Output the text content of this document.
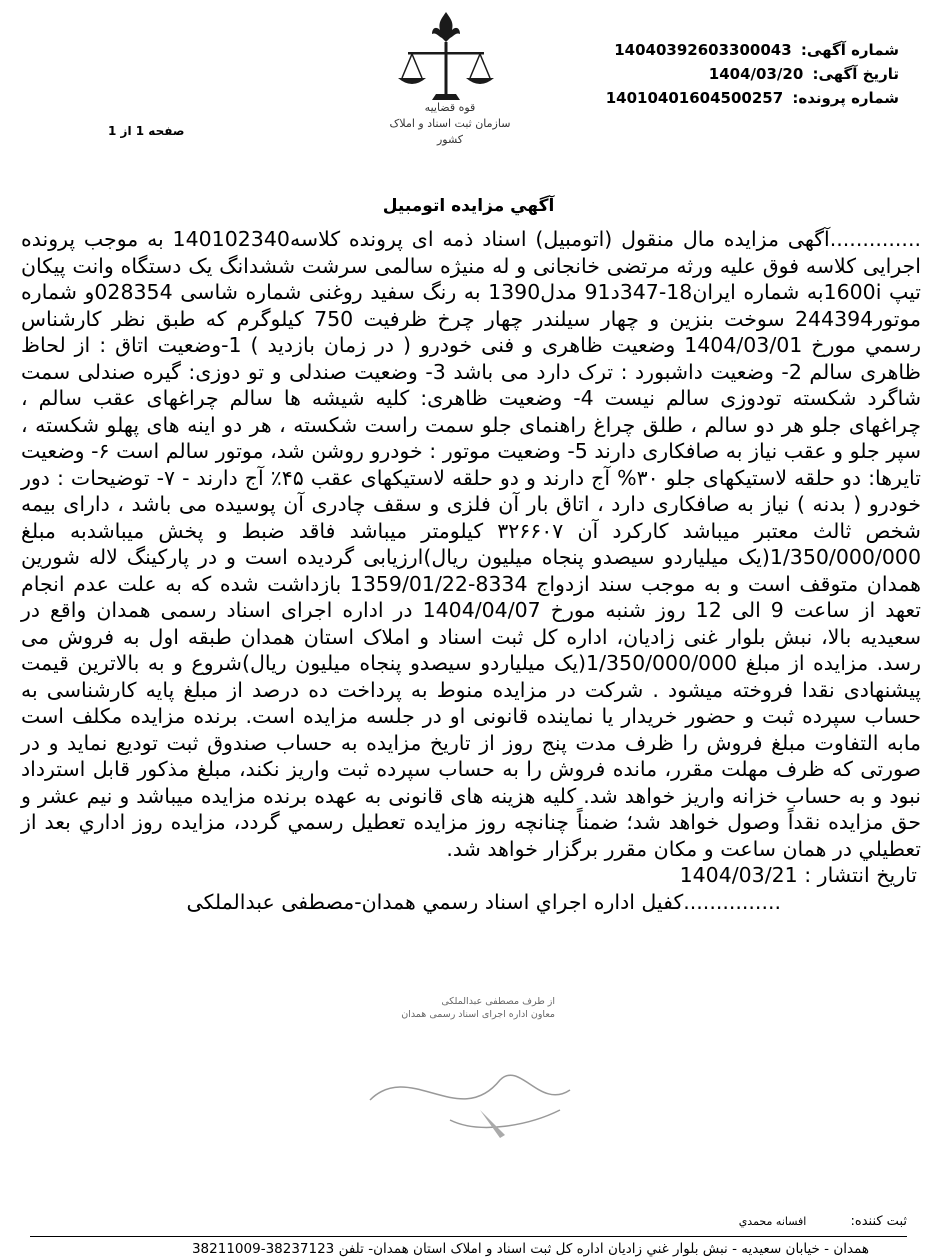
شماره آگهی: 14040392603300043
تاریخ آگهی: 1404/03/20
شماره پرونده: 14010401604500257
صفحه 1 از 1
قوه قضاییه
سازمان ثبت اسناد و املاک کشور
آگهي مزايده اتومبيل

..............آگهی مزایده مال منقول (اتومبیل) اسناد ذمه ای پرونده کلاسه140102340 به موجب پرونده اجرایی کلاسه فوق علیه ورثه مرتضی خانجانی و له منیژه سالمی سرشت ششدانگ یک دستگاه وانت پیکان تیپ 1600iبه شماره ایران18-347د91 مدل1390 به رنگ سفید روغنی شماره شاسی 028354و شماره موتور244394 سوخت بنزین و چهار سیلندر چهار چرخ ظرفیت 750 کیلوگرم که طبق نظر کارشناس رسمي مورخ 1404/03/01 وضعیت ظاهری و فنی خودرو ( در زمان بازدید ) 1-وضعیت اتاق : از لحاظ ظاهری سالم 2- وضعیت داشبورد : ترک دارد می باشد 3- وضعیت صندلی و تو دوزی: گیره صندلی سمت شاگرد شکسته تودوزی سالم نیست 4- وضعیت ظاهری: کلیه شیشه ها سالم چراغهای عقب سالم ، چراغهای جلو هر دو سالم ، طلق چراغ راهنمای جلو سمت راست شکسته ، هر دو اینه های پهلو شکسته ، سپر جلو و عقب نیاز به صافکاری دارند 5- وضعیت موتور : خودرو روشن شد، موتور سالم است ۶- وضعیت تایرها: دو حلقه لاستیکهای جلو ۳۰% آج دارند و دو حلقه لاستیکهای عقب ۴۵٪ آج دارند - ۷- توضیحات : دور خودرو ( بدنه ) نیاز به صافکاری دارد ، اتاق بار آن فلزی و سقف چادری آن پوسیده می باشد ، دارای بیمه شخص ثالث معتبر میباشد کارکرد آن ۳۲۶۶۰۷ کیلومتر میباشد فاقد ضبط و پخش میباشدبه مبلغ 1/350/000/000(یک میلیاردو سیصدو پنجاه میلیون ریال)ارزیابی گردیده است و در پارکینگ لاله شورین همدان متوقف است و به موجب سند ازدواج 8334-1359/01/22 بازداشت شده که به علت عدم انجام تعهد از ساعت 9 الی 12 روز شنبه مورخ 1404/04/07 در اداره اجرای اسناد رسمی همدان واقع در سعیدیه بالا، نبش بلوار غنی زادیان، اداره کل ثبت اسناد و املاک استان همدان طبقه اول به فروش می رسد. مزایده از مبلغ 1/350/000/000(یک میلیاردو سیصدو پنجاه میلیون ریال)شروع و به بالاترین قیمت پیشنهادی نقدا فروخته میشود . شرکت در مزایده منوط به پرداخت ده درصد از مبلغ پایه کارشناسی به حساب سپرده ثبت و حضور خریدار یا نماینده قانونی او در جلسه مزایده است. برنده مزایده مکلف است مابه التفاوت مبلغ فروش را ظرف مدت پنج روز از تاریخ مزایده به حساب صندوق ثبت توديع نمايد و در صورتی که ظرف مهلت مقرر، مانده فروش را به حساب سپرده ثبت واریز نکند، مبلغ مذکور قابل استرداد نبود و به حساب خزانه واریز خواهد شد. کلیه هزینه های قانونی به عهده برنده مزایده میباشد و نیم عشر و حق مزایده نقداً وصول خواهد شد؛ ضمناً چنانچه روز مزايده تعطيل رسمي گردد، مزايده روز اداري بعد از تعطيلي در همان ساعت و مکان مقرر برگزار خواهد شد.

تاریخ انتشار : 1404/03/21

...............كفيل اداره اجراي اسناد رسمي همدان-مصطفی عبدالملکی

از طرف مصطفی عبدالملکی
معاون اداره اجرای اسناد رسمی همدان
ثبت كننده: افسانه محمدي
همدان - خیابان سعیدیه - نبش بلوار غني زاديان اداره کل ثبت اسناد و املاک استان همدان- تلفن 38237123-38211009
